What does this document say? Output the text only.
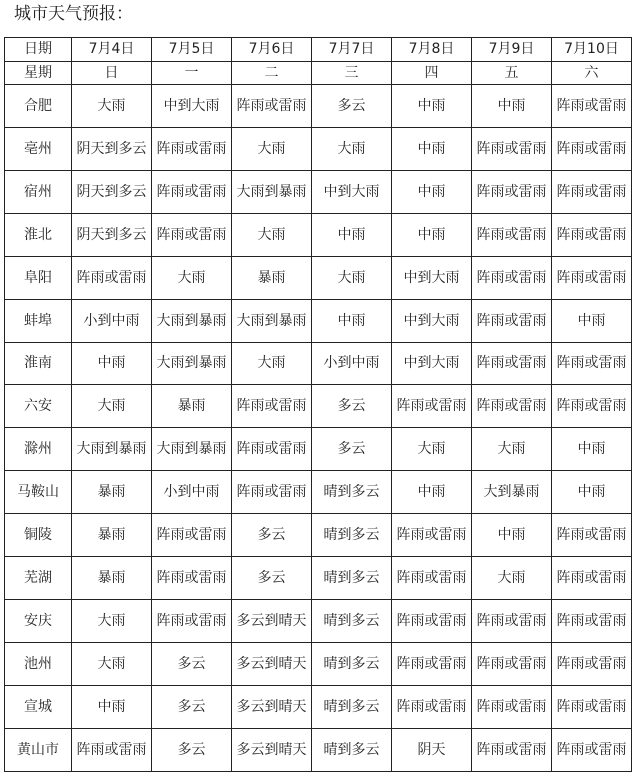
城市天气预报：
日期	7月4日	7月5日	7月6日	7月7日	7月8日	7月9日	7月10日
星期	日	一	二	三	四	五	六
合肥	大雨	中到大雨	阵雨或雷雨	多云	中雨	中雨	阵雨或雷雨
亳州	阴天到多云	阵雨或雷雨	大雨	大雨	中雨	阵雨或雷雨	阵雨或雷雨
宿州	阴天到多云	阵雨或雷雨	大雨到暴雨	中到大雨	中雨	阵雨或雷雨	阵雨或雷雨
淮北	阴天到多云	阵雨或雷雨	大雨	中雨	中雨	阵雨或雷雨	阵雨或雷雨
阜阳	阵雨或雷雨	大雨	暴雨	大雨	中到大雨	阵雨或雷雨	阵雨或雷雨
蚌埠	小到中雨	大雨到暴雨	大雨到暴雨	中雨	中到大雨	阵雨或雷雨	中雨
淮南	中雨	大雨到暴雨	大雨	小到中雨	中到大雨	阵雨或雷雨	阵雨或雷雨
六安	大雨	暴雨	阵雨或雷雨	多云	阵雨或雷雨	阵雨或雷雨	阵雨或雷雨
滁州	大雨到暴雨	大雨到暴雨	阵雨或雷雨	多云	大雨	大雨	中雨
马鞍山	暴雨	小到中雨	阵雨或雷雨	晴到多云	中雨	大到暴雨	中雨
铜陵	暴雨	阵雨或雷雨	多云	晴到多云	阵雨或雷雨	中雨	阵雨或雷雨
芜湖	暴雨	阵雨或雷雨	多云	晴到多云	阵雨或雷雨	大雨	阵雨或雷雨
安庆	大雨	阵雨或雷雨	多云到晴天	晴到多云	阵雨或雷雨	阵雨或雷雨	阵雨或雷雨
池州	大雨	多云	多云到晴天	晴到多云	阵雨或雷雨	阵雨或雷雨	阵雨或雷雨
宣城	中雨	多云	多云到晴天	晴到多云	阵雨或雷雨	阵雨或雷雨	阵雨或雷雨
黄山市	阵雨或雷雨	多云	多云到晴天	晴到多云	阴天	阵雨或雷雨	阵雨或雷雨
